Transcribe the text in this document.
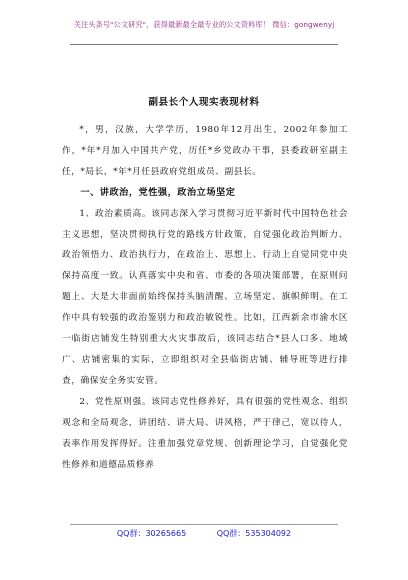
关注头条号"公文研究"，获得最新最全最专业的公文资料库！ 微信：gongwenyj
副县长个人现实表现材料

*，男，汉族，大学学历，1980年12月出生，2002年参加工作，*年*月加入中国共产党，历任*乡党政办干事，县委政研室副主任，*局长，*年*月任县政府党组成员、副县长。

一、讲政治，党性强，政治立场坚定

1、政治素质高。该同志深入学习贯彻习近平新时代中国特色社会主义思想，坚决贯彻执行党的路线方针政策，自觉强化政治判断力、政治领悟力、政治执行力，在政治上、思想上、行动上自觉同党中央保持高度一致。认真落实中央和省、市委的各项决策部署，在原则问题上、大是大非面前始终保持头脑清醒、立场坚定、旗帜鲜明。在工作中具有较强的政治鉴别力和政治敏锐性。比如，江西新余市渝水区一临街店铺发生特别重大火灾事故后，该同志结合*县人口多、地域广、店铺密集的实际，立即组织对全县临街店铺、辅导班等进行排查，确保安全务实安管。

2、党性原则强。该同志党性修养好，具有很强的党性观念、组织观念和全局观念，讲团结、讲大局、讲风格，严于律己，宽以待人，表率作用发挥得好。注重加强党章党规、创新理论学习，自觉强化党性修养和道德品质修养

QQ群：30265665	QQ群：535304092
